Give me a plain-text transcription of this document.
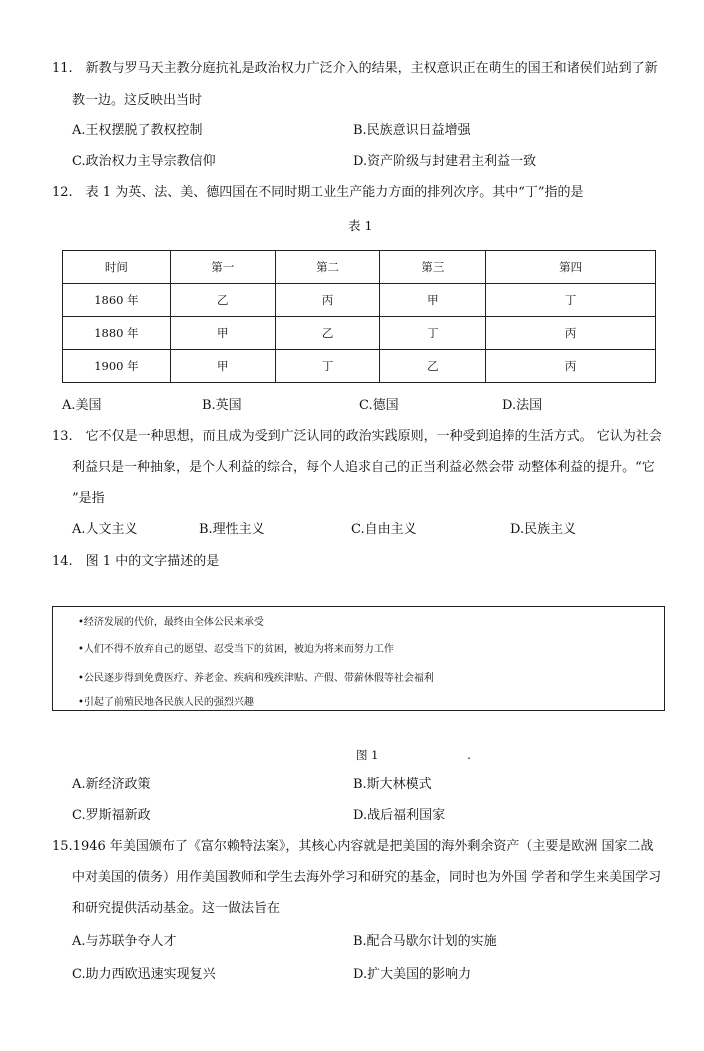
11.　新教与罗马天主教分庭抗礼是政治权力广泛介入的结果，主权意识正在萌生的国王和诸侯们站到了新
教一边。这反映出当时
A.王权摆脱了教权控制	B.民族意识日益增强
C.政治权力主导宗教信仰	D.资产阶级与封建君主利益一致
12.　表 1 为英、法、美、德四国在不同时期工业生产能力方面的排列次序。其中“丁”指的是
表 1
时间	第一	第二	第三	第四
1860 年	乙	丙	甲	丁
1880 年	甲	乙	丁	丙
1900 年	甲	丁	乙	丙
A.美国	B.英国	C.德国	D.法国
13.　它不仅是一种思想，而且成为受到广泛认同的政治实践原则，一种受到追捧的生活方式。 它认为社会
利益只是一种抽象，是个人利益的综合，每个人追求自己的正当利益必然会带 动整体利益的提升。“它
”是指
A.人文主义	B.理性主义	C.自由主义	D.民族主义
14.　图 1 中的文字描述的是
•经济发展的代价，最终由全体公民来承受
•人们不得不放弃自己的愿望、忍受当下的贫困，被迫为将来而努力工作
•公民逐步得到免费医疗、养老金、疾病和残疾津贴、产假、带薪休假等社会福利
•引起了前殖民地各民族人民的强烈兴趣
图 1	.
A.新经济政策	B.斯大林模式
C.罗斯福新政	D.战后福利国家
15.1946 年美国颁布了《富尔赖特法案》，其核心内容就是把美国的海外剩余资产（主要是欧洲 国家二战
中对美国的债务）用作美国教师和学生去海外学习和研究的基金，同时也为外国 学者和学生来美国学习
和研究提供活动基金。这一做法旨在
A.与苏联争夺人才	B.配合马歇尔计划的实施
C.助力西欧迅速实现复兴	D.扩大美国的影响力
